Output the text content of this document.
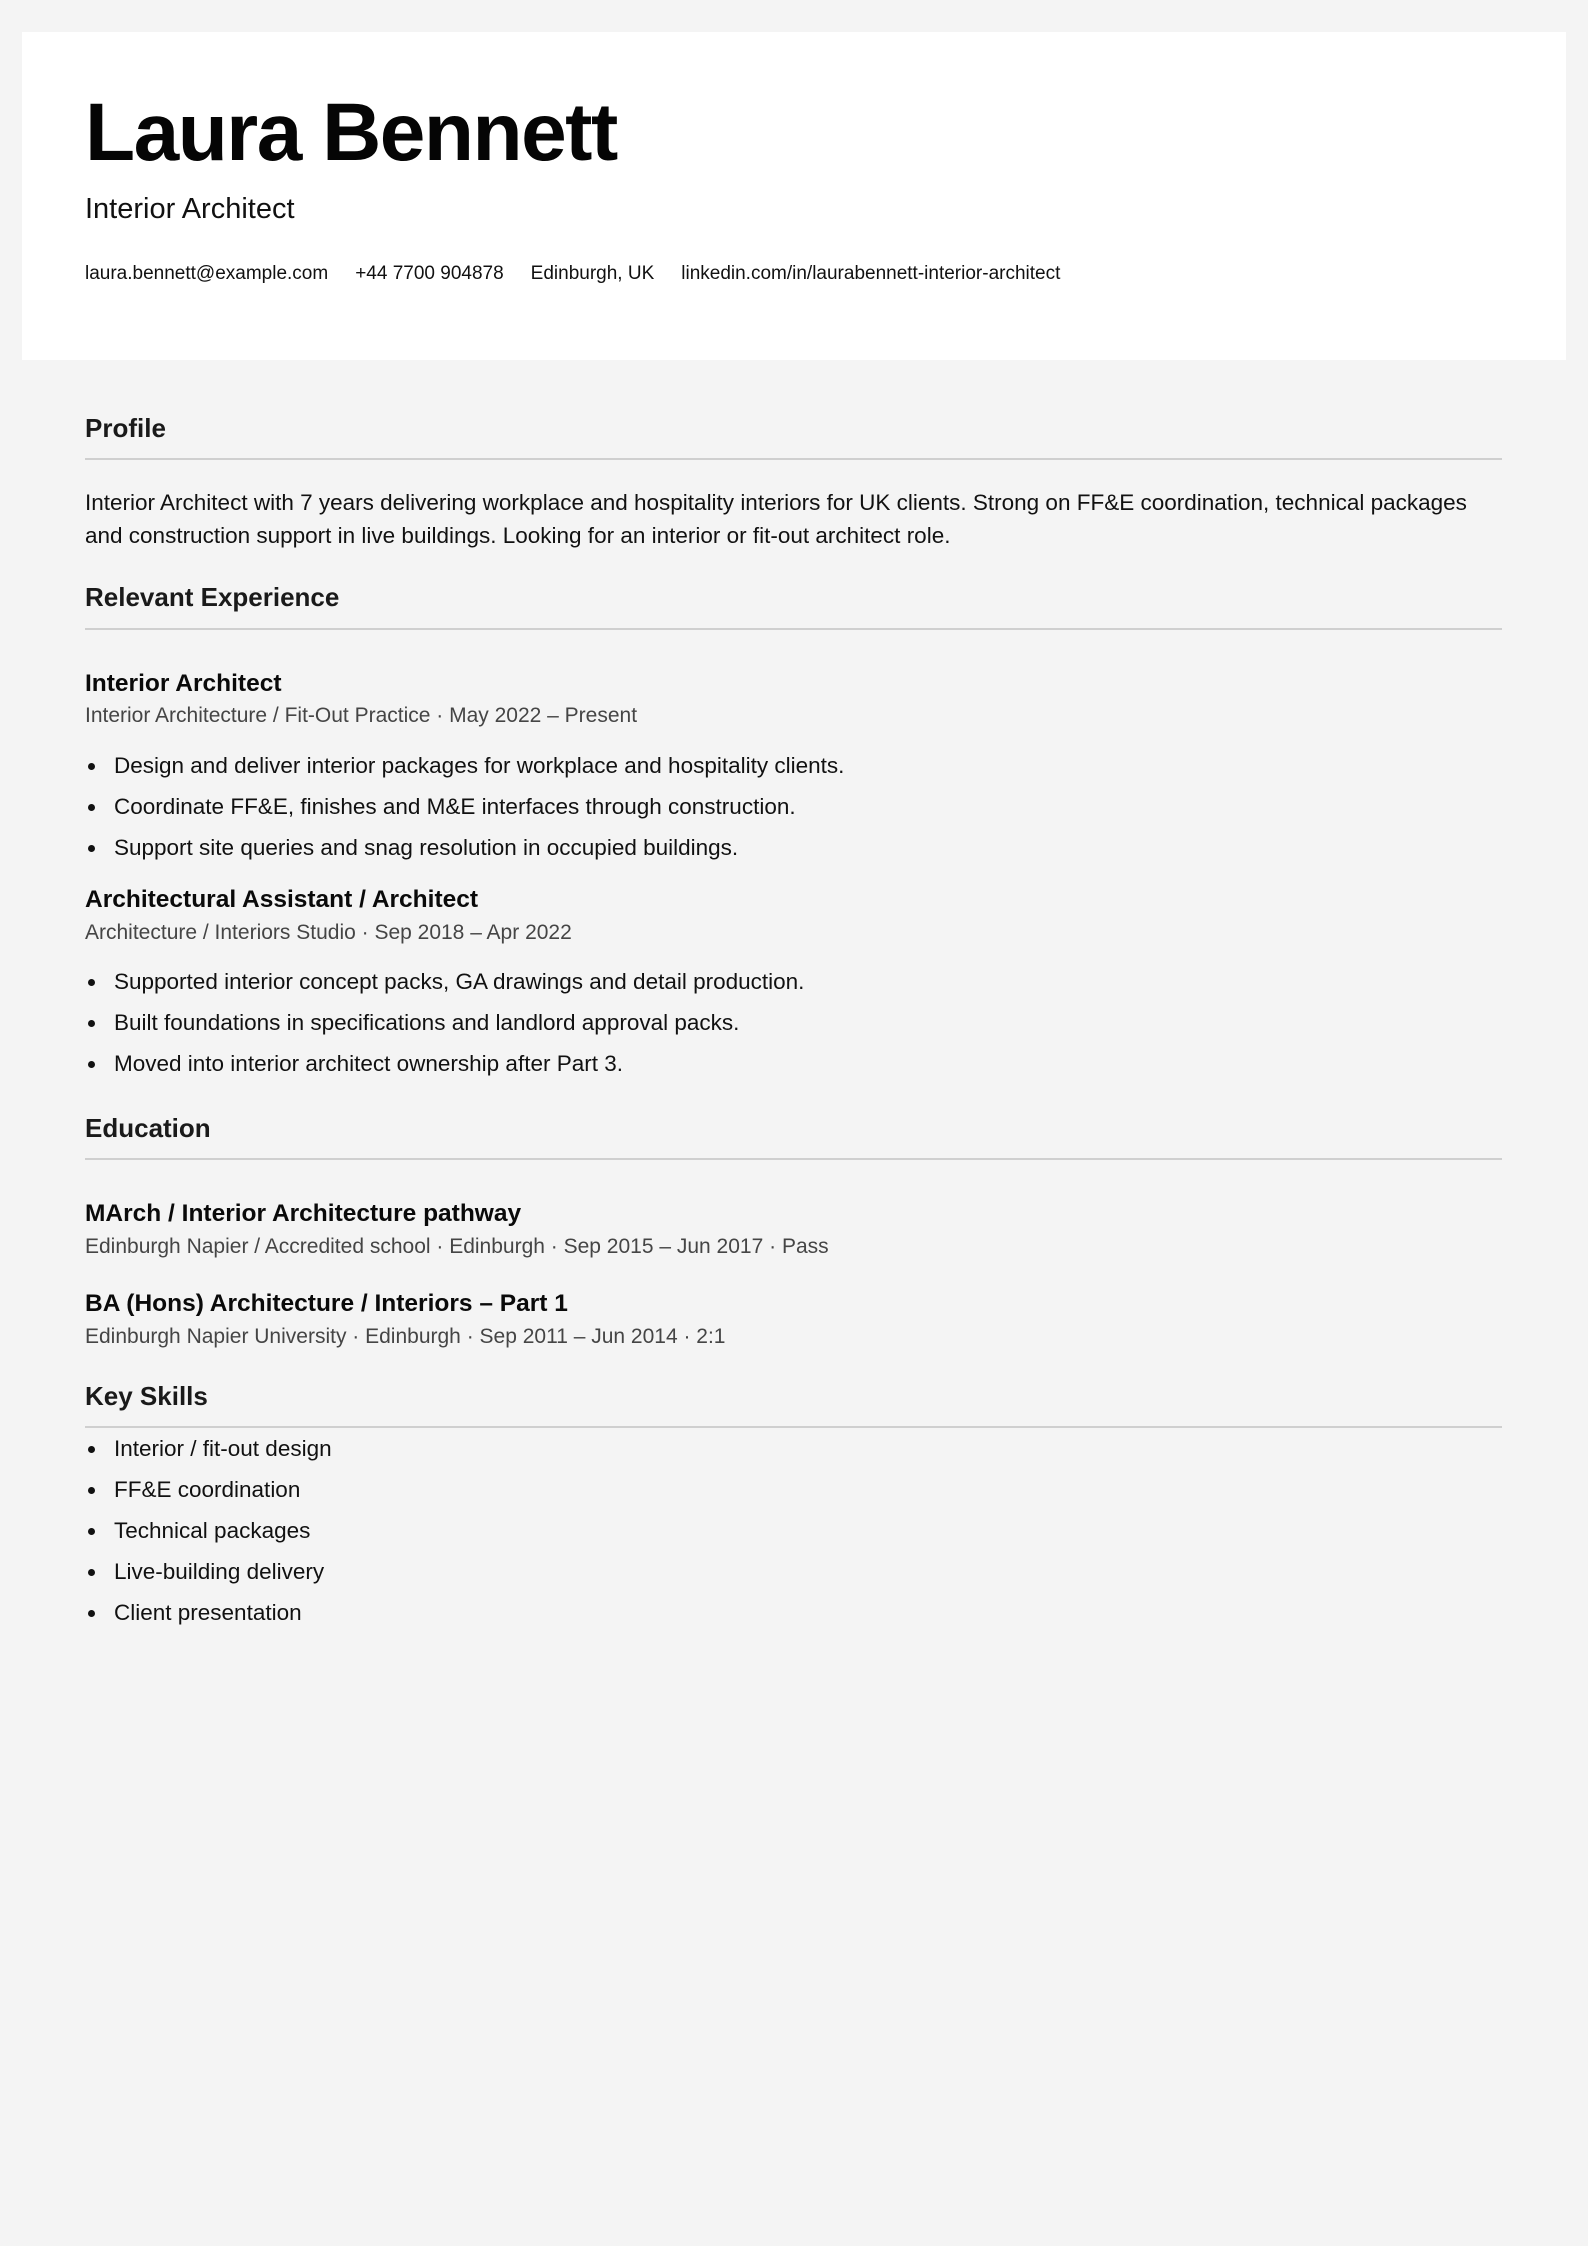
Laura Bennett
Interior Architect
laura.bennett@example.com +44 7700 904878 Edinburgh, UK linkedin.com/in/laurabennett-interior-architect
Profile

Interior Architect with 7 years delivering workplace and hospitality interiors for UK clients. Strong on FF&E coordination, technical packages and construction support in live buildings. Looking for an interior or fit-out architect role.

Relevant Experience
Interior Architect
Interior Architecture / Fit-Out Practice · May 2022 – Present
Design and deliver interior packages for workplace and hospitality clients.
Coordinate FF&E, finishes and M&E interfaces through construction.
Support site queries and snag resolution in occupied buildings.
Architectural Assistant / Architect
Architecture / Interiors Studio · Sep 2018 – Apr 2022
Supported interior concept packs, GA drawings and detail production.
Built foundations in specifications and landlord approval packs.
Moved into interior architect ownership after Part 3.
Education
MArch / Interior Architecture pathway
Edinburgh Napier / Accredited school · Edinburgh · Sep 2015 – Jun 2017 · Pass
BA (Hons) Architecture / Interiors – Part 1
Edinburgh Napier University · Edinburgh · Sep 2011 – Jun 2014 · 2:1
Key Skills
Interior / fit-out design
FF&E coordination
Technical packages
Live-building delivery
Client presentation
